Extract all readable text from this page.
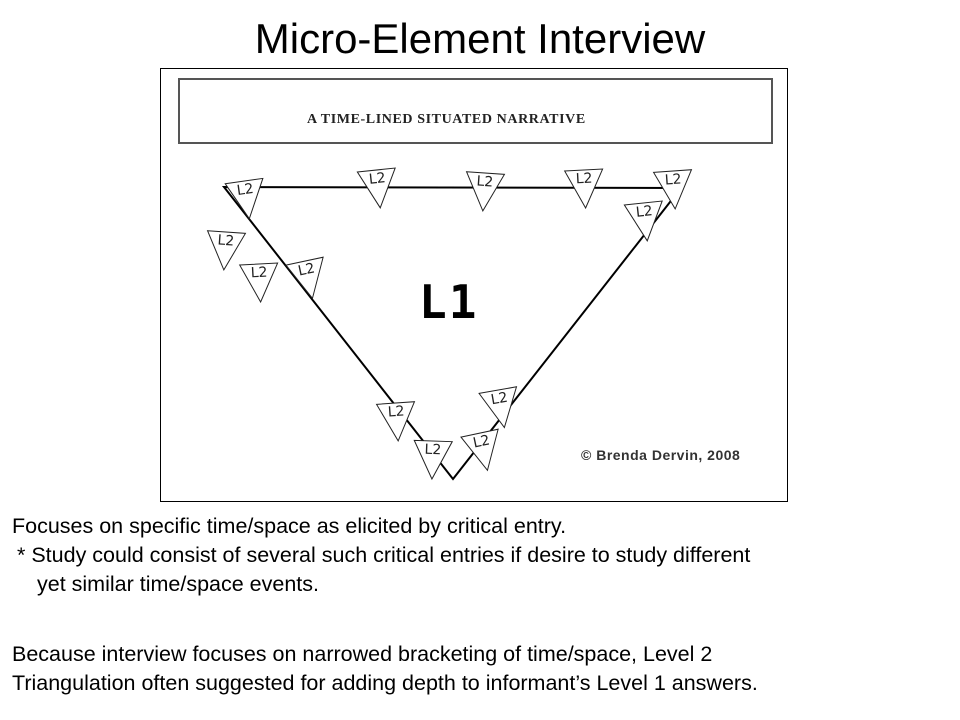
Micro-Element Interview
A TIME-LINED SITUATED NARRATIVE
L2	L2	L2	L2
L2
L2
L2
L2 L2
L2
L2
L2
L2
L1
© Brenda Dervin, 2008
Focuses on specific time/space as elicited by critical entry.
* Study could consist of several such critical entries if desire to study different
yet similar time/space events.
Because interview focuses on narrowed bracketing of time/space, Level 2
Triangulation often suggested for adding depth to informant’s Level 1 answers.
